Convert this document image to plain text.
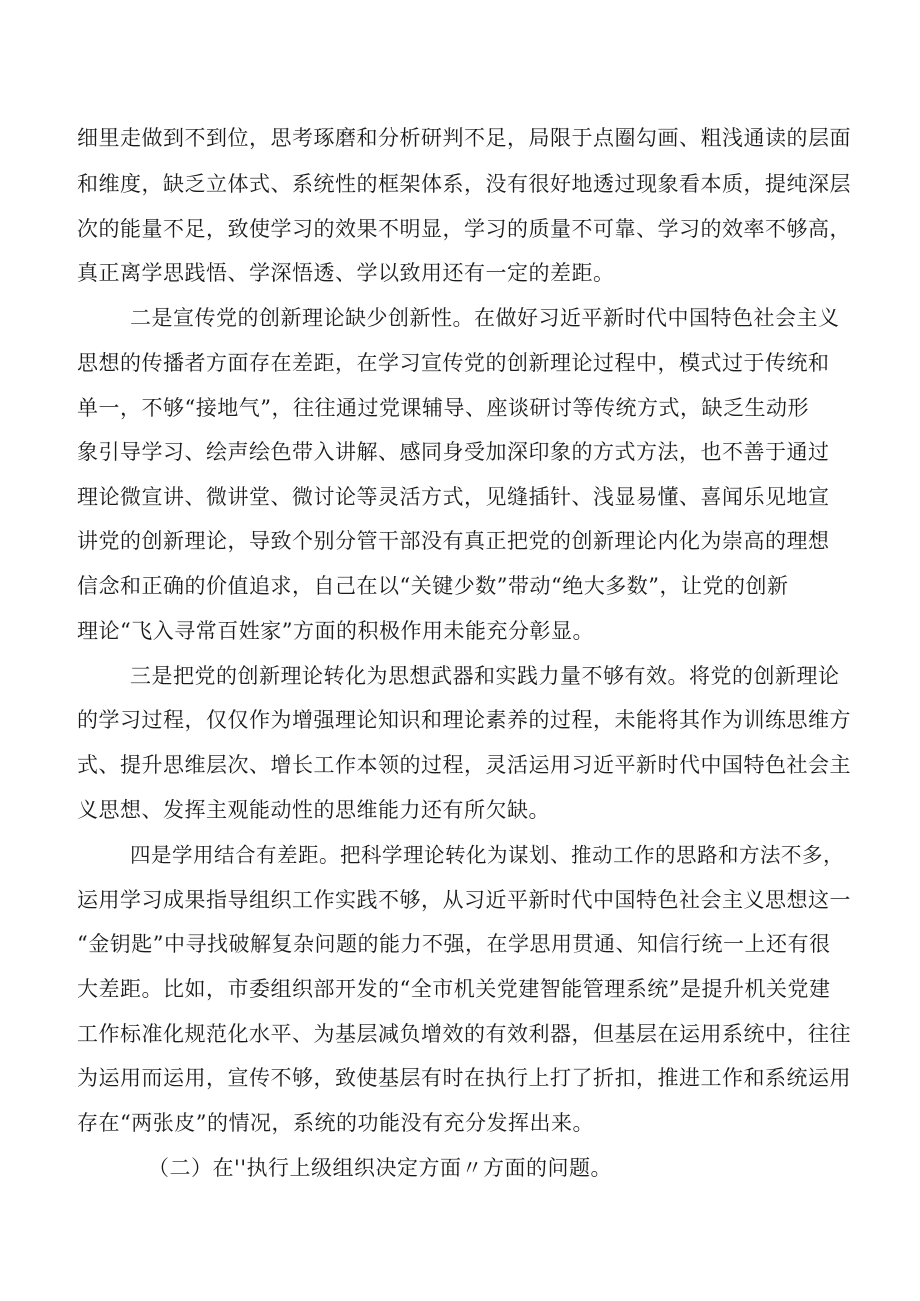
细里走做到不到位，思考琢磨和分析研判不足，局限于点圈勾画、粗浅通读的层面
和维度，缺乏立体式、系统性的框架体系，没有很好地透过现象看本质，提纯深层
次的能量不足，致使学习的效果不明显，学习的质量不可靠、学习的效率不够高，
真正离学思践悟、学深悟透、学以致用还有一定的差距。
二是宣传党的创新理论缺少创新性。在做好习近平新时代中国特色社会主义
思想的传播者方面存在差距，在学习宣传党的创新理论过程中，模式过于传统和
单一，不够“接地气”，往往通过党课辅导、座谈研讨等传统方式，缺乏生动形
象引导学习、绘声绘色带入讲解、感同身受加深印象的方式方法，也不善于通过
理论微宣讲、微讲堂、微讨论等灵活方式，见缝插针、浅显易懂、喜闻乐见地宣
讲党的创新理论，导致个别分管干部没有真正把党的创新理论内化为崇高的理想
信念和正确的价值追求，自己在以“关键少数”带动“绝大多数”，让党的创新
理论“飞入寻常百姓家”方面的积极作用未能充分彰显。
三是把党的创新理论转化为思想武器和实践力量不够有效。将党的创新理论
的学习过程，仅仅作为增强理论知识和理论素养的过程，未能将其作为训练思维方
式、提升思维层次、增长工作本领的过程，灵活运用习近平新时代中国特色社会主
义思想、发挥主观能动性的思维能力还有所欠缺。
四是学用结合有差距。把科学理论转化为谋划、推动工作的思路和方法不多，
运用学习成果指导组织工作实践不够，从习近平新时代中国特色社会主义思想这一
“金钥匙”中寻找破解复杂问题的能力不强，在学思用贯通、知信行统一上还有很
大差距。比如，市委组织部开发的“全市机关党建智能管理系统”是提升机关党建
工作标准化规范化水平、为基层减负增效的有效利器，但基层在运用系统中，往往
为运用而运用，宣传不够，致使基层有时在执行上打了折扣，推进工作和系统运用
存在“两张皮”的情况，系统的功能没有充分发挥出来。
（二）在''执行上级组织决定方面〃方面的问题。
